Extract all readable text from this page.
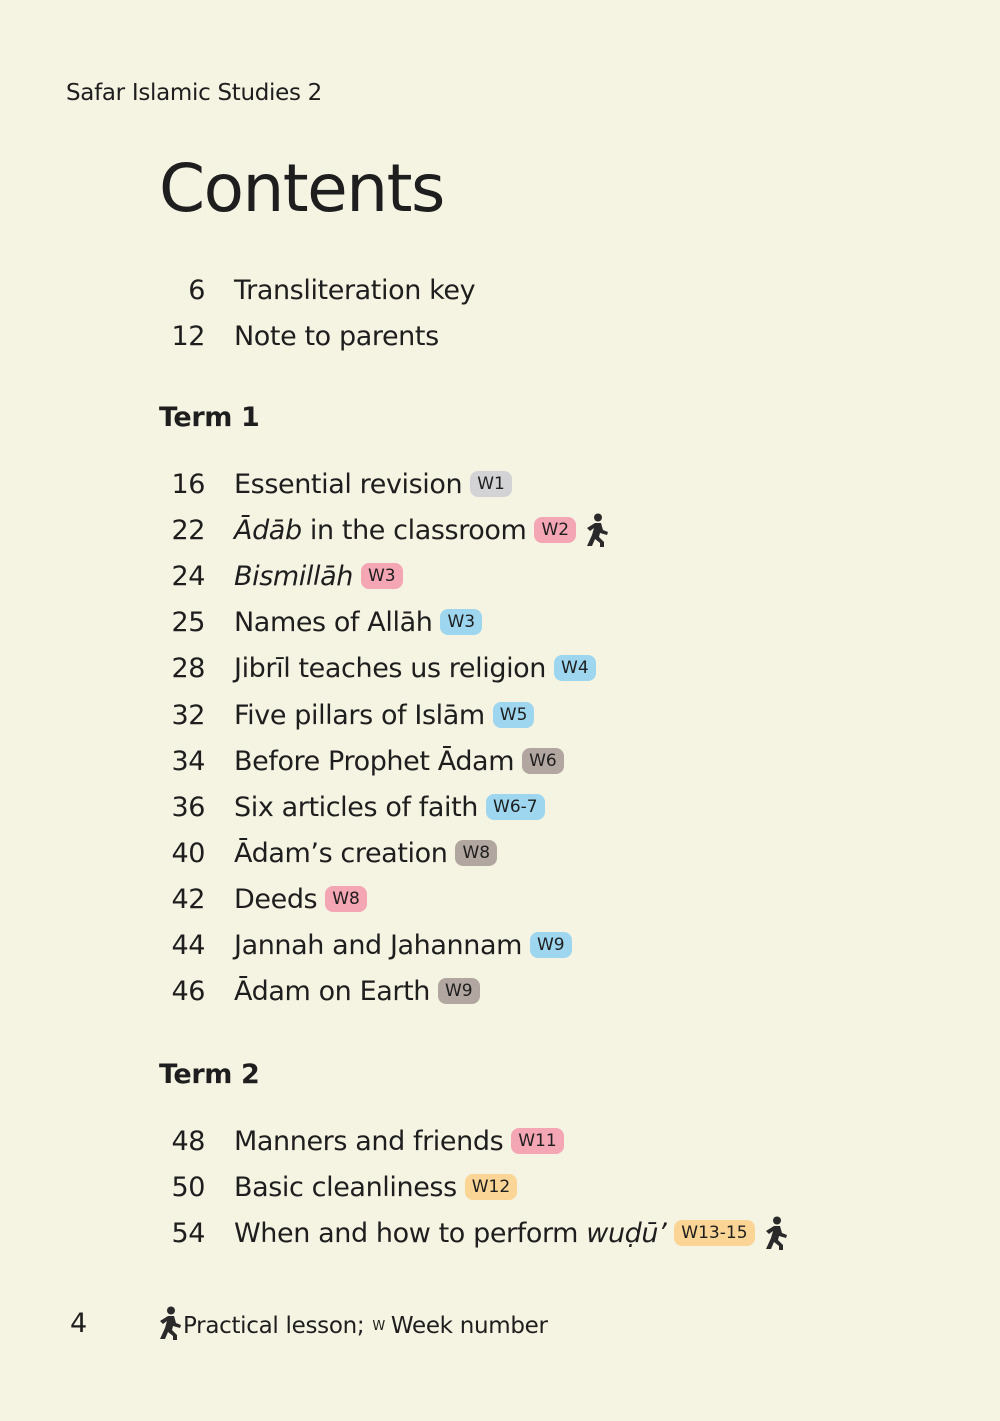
Safar Islamic Studies 2
Contents
6 Transliteration key
12 Note to parents
Term 1
16 Essential revision W1
22 Ādāb in the classroom W2
24 Bismillāh W3
25 Names of Allāh W3
28 Jibrīl teaches us religion W4
32 Five pillars of Islām W5
34 Before Prophet Ādam W6
36 Six articles of faith W6-7
40 Ādam’s creation W8
42 Deeds W8
44 Jannah and Jahannam W9
46 Ādam on Earth W9
Term 2
48 Manners and friends W11
50 Basic cleanliness W12
54 When and how to perform wuḍū’ W13-15
4	Practical lesson; W Week number
